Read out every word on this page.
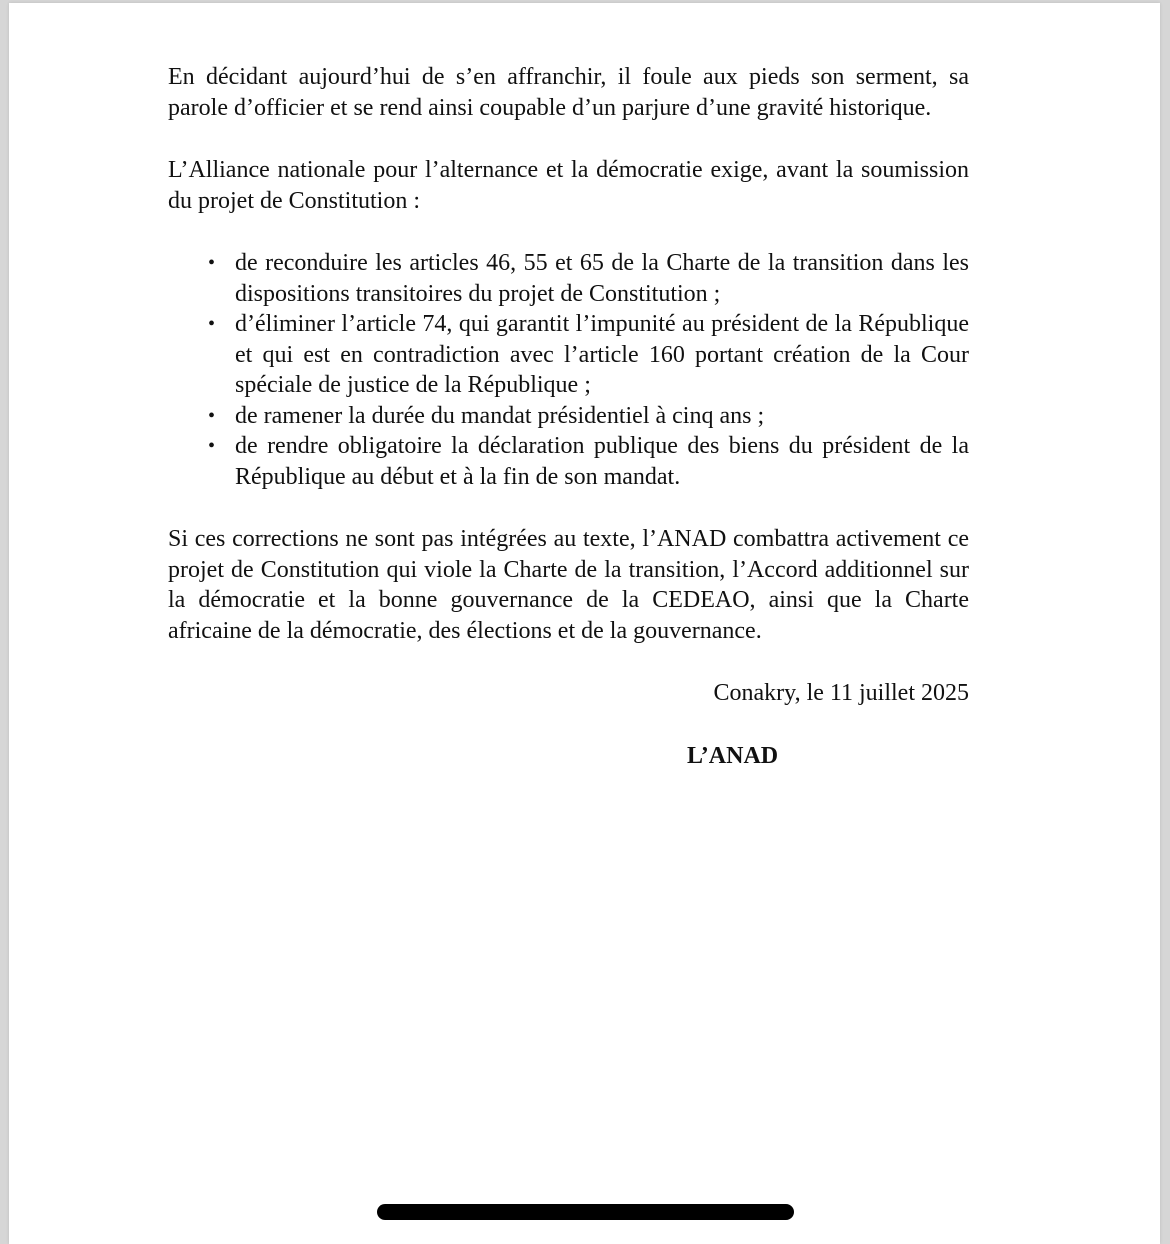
En décidant aujourd’hui de s’en affranchir, il foule aux pieds son serment, sa parole d’officier et se rend ainsi coupable d’un parjure d’une gravité historique.

L’Alliance nationale pour l’alternance et la démocratie exige, avant la soumission du projet de Constitution :

• de reconduire les articles 46, 55 et 65 de la Charte de la transition dans les dispositions transitoires du projet de Constitution ;
• d’éliminer l’article 74, qui garantit l’impunité au président de la République et qui est en contradiction avec l’article 160 portant création de la Cour spéciale de justice de la République ;
• de ramener la durée du mandat présidentiel à cinq ans ;
• de rendre obligatoire la déclaration publique des biens du président de la République au début et à la fin de son mandat.

Si ces corrections ne sont pas intégrées au texte, l’ANAD combattra activement ce projet de Constitution qui viole la Charte de la transition, l’Accord additionnel sur la démocratie et la bonne gouvernance de la CEDEAO, ainsi que la Charte africaine de la démocratie, des élections et de la gouvernance.

Conakry, le 11 juillet 2025

L’ANAD
